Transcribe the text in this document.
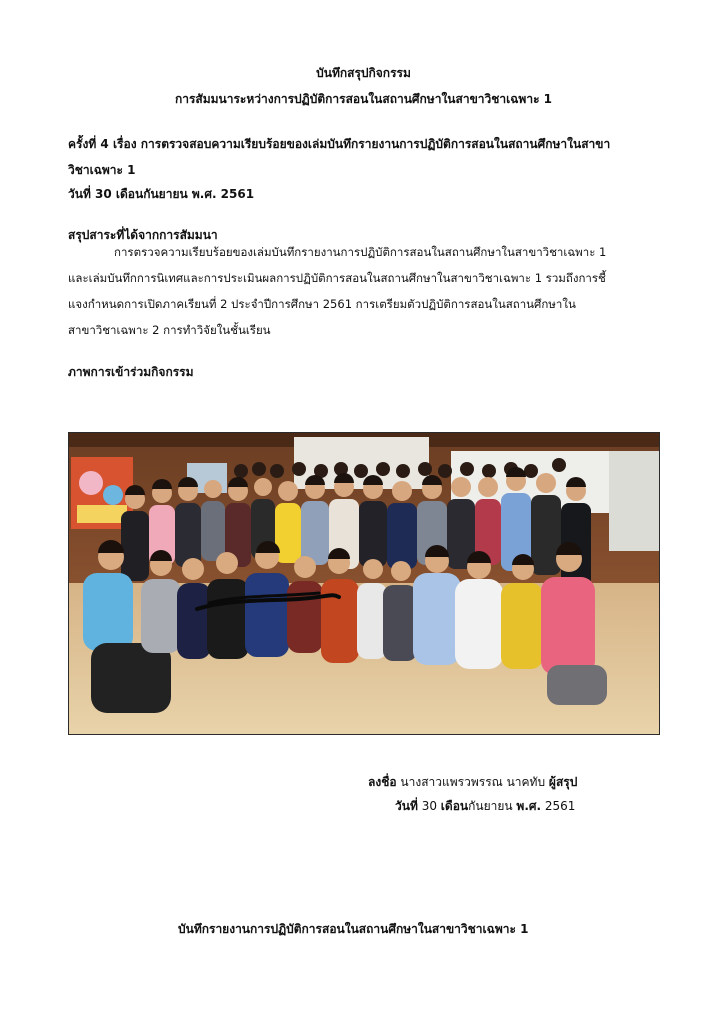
บันทึกสรุปกิจกรรม
การสัมมนาระหว่างการปฏิบัติการสอนในสถานศึกษาในสาขาวิชาเฉพาะ 1
ครั้งที่ 4 เรื่อง การตรวจสอบความเรียบร้อยของเล่มบันทึกรายงานการปฏิบัติการสอนในสถานศึกษาในสาขา
วิชาเฉพาะ 1
วันที่ 30 เดือนกันยายน พ.ศ. 2561
สรุปสาระที่ได้จากการสัมมนา
การตรวจความเรียบร้อยของเล่มบันทึกรายงานการปฏิบัติการสอนในสถานศึกษาในสาขาวิชาเฉพาะ 1
และเล่มบันทึกการนิเทศและการประเมินผลการปฏิบัติการสอนในสถานศึกษาในสาขาวิชาเฉพาะ 1 รวมถึงการชี้
แจงกำหนดการเปิดภาคเรียนที่ 2 ประจำปีการศึกษา 2561 การเตรียมตัวปฏิบัติการสอนในสถานศึกษาใน
สาขาวิชาเฉพาะ 2 การทำวิจัยในชั้นเรียน
ภาพการเข้าร่วมกิจกรรม
ลงชื่อ นางสาวแพรวพรรณ นาคทับ ผู้สรุป
วันที่ 30 เดือนกันยายน พ.ศ. 2561
บันทึกรายงานการปฏิบัติการสอนในสถานศึกษาในสาขาวิชาเฉพาะ 1
